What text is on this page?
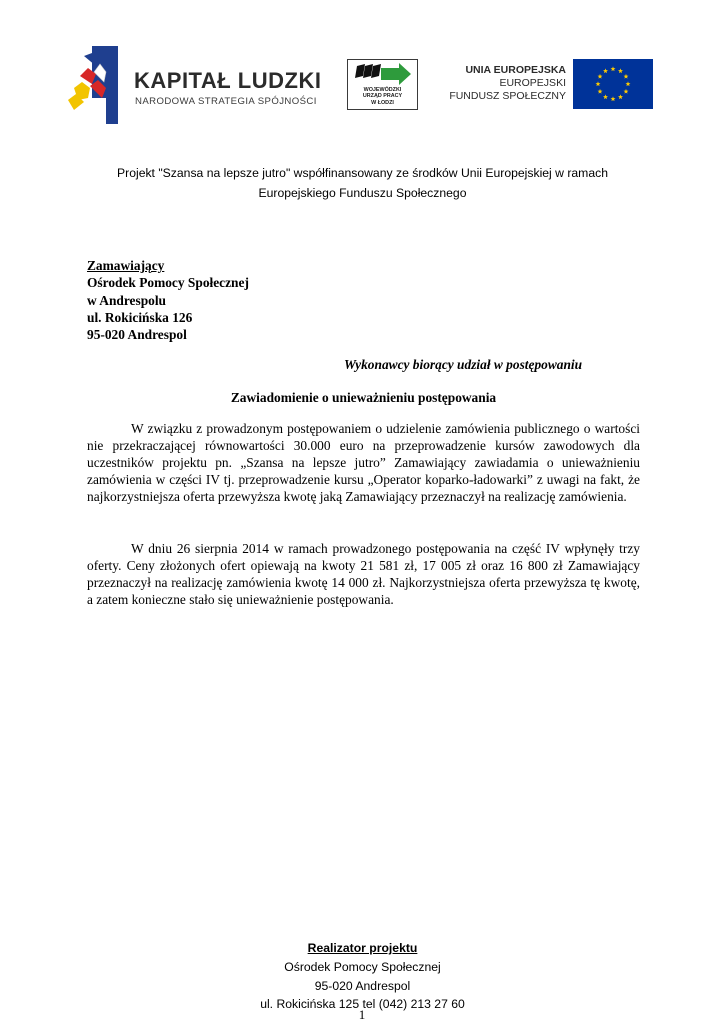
KAPITAŁ LUDZKI
NARODOWA STRATEGIA SPÓJNOŚCI
WOJEWÓDZKI
URZĄD PRACY
W ŁODZI
UNIA EUROPEJSKA
EUROPEJSKI
FUNDUSZ SPOŁECZNY
Projekt "Szansa na lepsze jutro" współfinansowany ze środków Unii Europejskiej w ramach
Europejskiego Funduszu Społecznego
Zamawiający
Ośrodek Pomocy Społecznej
w Andrespolu
ul. Rokicińska 126
95-020 Andrespol
Wykonawcy biorący udział w postępowaniu
Zawiadomienie o unieważnieniu postępowania

W związku z prowadzonym postępowaniem o udzielenie zamówienia publicznego o wartości nie przekraczającej równowartości 30.000 euro na przeprowadzenie kursów zawodowych dla uczestników projektu pn. „Szansa na lepsze jutro” Zamawiający zawiadamia o unieważnieniu zamówienia w części IV tj. przeprowadzenie kursu „Operator koparko-ładowarki” z uwagi na fakt, że najkorzystniejsza oferta przewyższa kwotę jaką Zamawiający przeznaczył na realizację zamówienia.

W dniu 26 sierpnia 2014 w ramach prowadzonego postępowania na część IV wpłynęły trzy oferty. Ceny złożonych ofert opiewają na kwoty 21 581 zł, 17 005 zł oraz 16 800 zł Zamawiający przeznaczył na realizację zamówienia kwotę 14 000 zł. Najkorzystniejsza oferta przewyższa tę kwotę, a zatem konieczne stało się unieważnienie postępowania.

Realizator projektu
Ośrodek Pomocy Społecznej
95-020 Andrespol
ul. Rokicińska 125 tel (042) 213 27 60
1
